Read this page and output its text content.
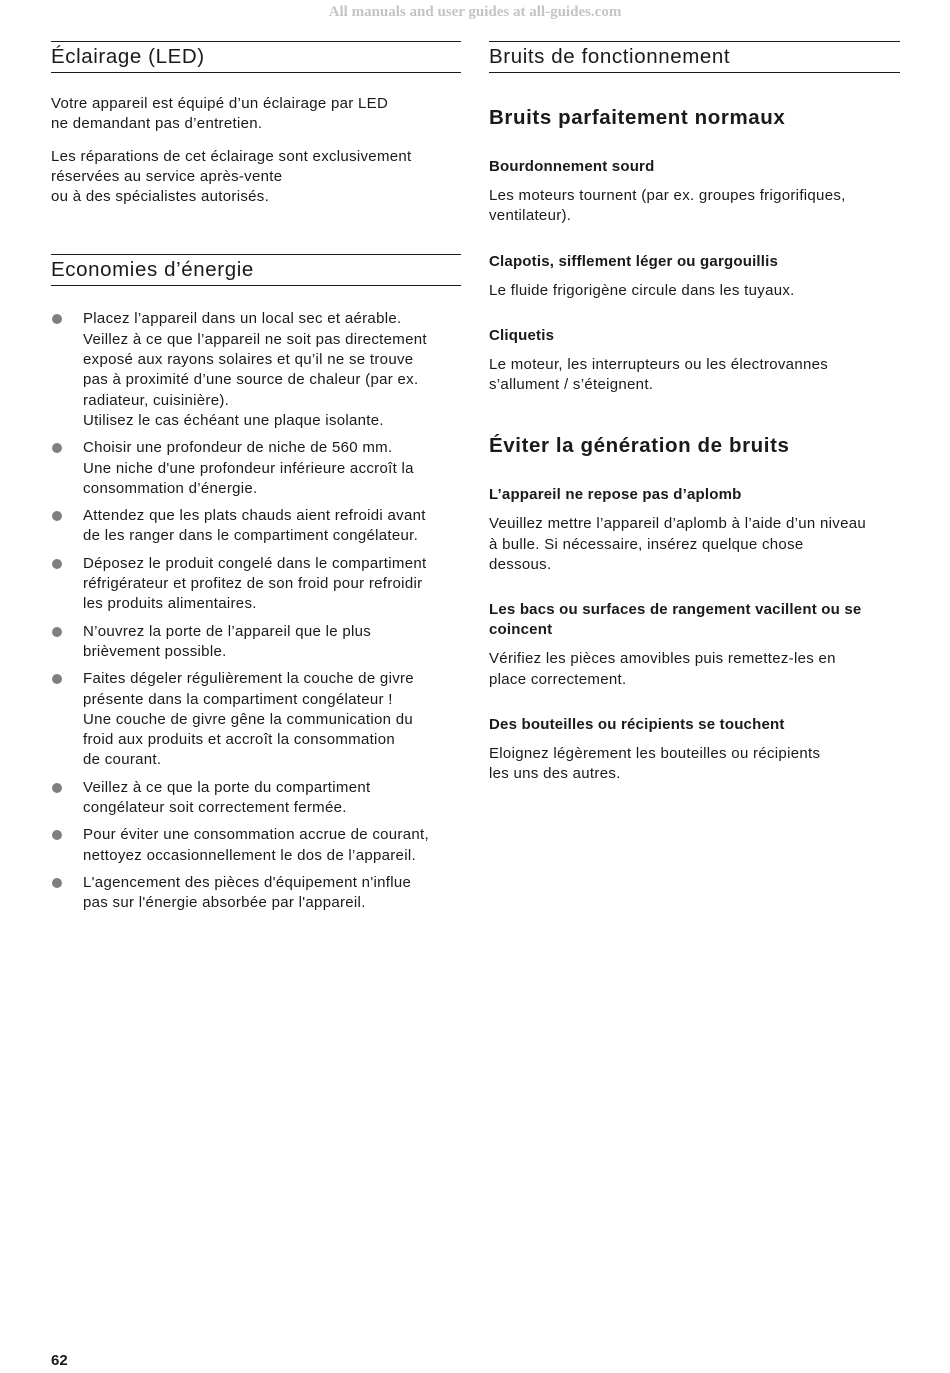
All manuals and user guides at all-guides.com
Éclairage (LED)

Votre appareil est équipé d’un éclairage par LED
ne demandant pas d’entretien.

Les réparations de cet éclairage sont exclusivement
réservées au service après-vente
ou à des spécialistes autorisés.

Economies d’énergie
Placez l’appareil dans un local sec et aérable.
Veillez à ce que l’appareil ne soit pas directement
exposé aux rayons solaires et qu’il ne se trouve
pas à proximité d’une source de chaleur (par ex.
radiateur, cuisinière).
Utilisez le cas échéant une plaque isolante.
Choisir une profondeur de niche de 560 mm.
Une niche d'une profondeur inférieure accroît la
consommation d’énergie.
Attendez que les plats chauds aient refroidi avant
de les ranger dans le compartiment congélateur.
Déposez le produit congelé dans le compartiment
réfrigérateur et profitez de son froid pour refroidir
les produits alimentaires.
N’ouvrez la porte de l’appareil que le plus
brièvement possible.
Faites dégeler régulièrement la couche de givre
présente dans la compartiment congélateur !
Une couche de givre gêne la communication du
froid aux produits et accroît la consommation
de courant.
Veillez à ce que la porte du compartiment
congélateur soit correctement fermée.
Pour éviter une consommation accrue de courant,
nettoyez occasionnellement le dos de l’appareil.
L'agencement des pièces d'équipement n'influe
pas sur l'énergie absorbée par l'appareil.
Bruits de fonctionnement
Bruits parfaitement normaux

Bourdonnement sourd

Les moteurs tournent (par ex. groupes frigorifiques,
ventilateur).

Clapotis, sifflement léger ou gargouillis

Le fluide frigorigène circule dans les tuyaux.

Cliquetis

Le moteur, les interrupteurs ou les électrovannes
s’allument / s’éteignent.

Éviter la génération de bruits

L’appareil ne repose pas d’aplomb

Veuillez mettre l’appareil d’aplomb à l’aide d’un niveau
à bulle. Si nécessaire, insérez quelque chose
dessous.

Les bacs ou surfaces de rangement vacillent ou se
coincent

Vérifiez les pièces amovibles puis remettez-les en
place correctement.

Des bouteilles ou récipients se touchent

Eloignez légèrement les bouteilles ou récipients
les uns des autres.

62
